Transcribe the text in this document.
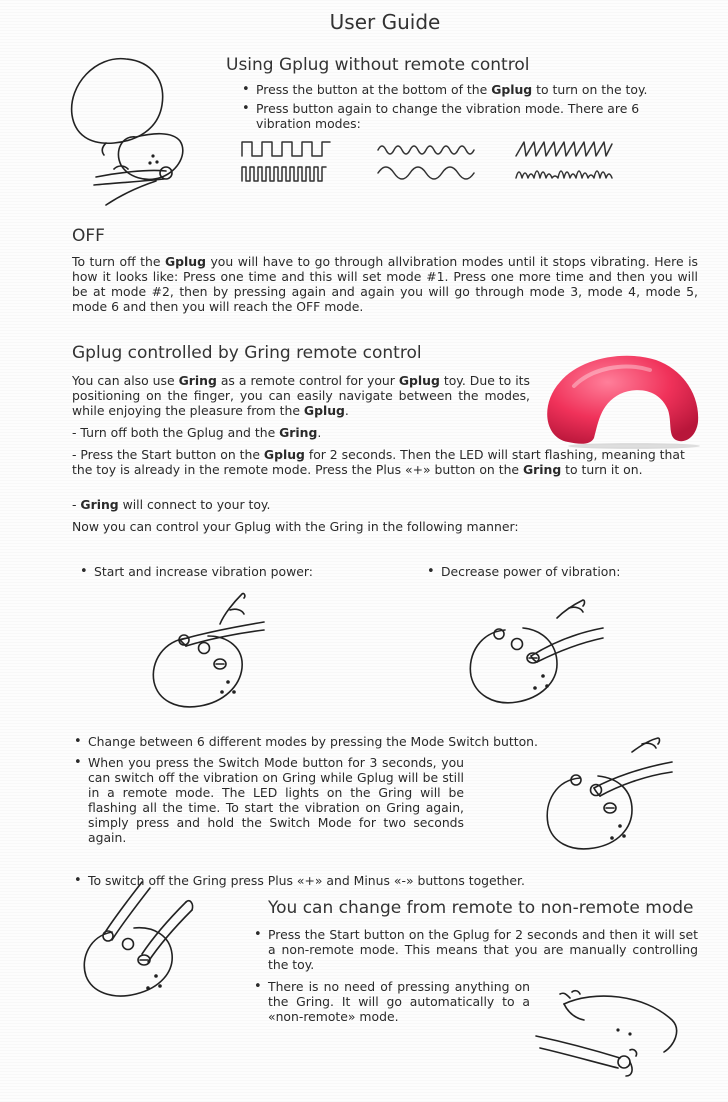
User Guide
Using Gplug without remote control
• Press the button at the bottom of the Gplug to turn on the toy.
• Press button again to change the vibration mode. There are 6 vibration modes:
OFF
To turn off the Gplug you will have to go through allvibration modes until it stops vibrating. Here is how it looks like: Press one time and this will set mode #1. Press one more time and then you will be at mode #2, then by pressing again and again you will go through mode 3, mode 4, mode 5, mode 6 and then you will reach the OFF mode.
Gplug controlled by Gring remote control
You can also use Gring as a remote control for your Gplug toy. Due to its positioning on the finger, you can easily navigate between the modes, while enjoying the pleasure from the Gplug.
- Turn off both the Gplug and the Gring.
- Press the Start button on the Gplug for 2 seconds. Then the LED will start flashing, meaning that the toy is already in the remote mode. Press the Plus «+» button on the Gring to turn it on.
- Gring will connect to your toy.
Now you can control your Gplug with the Gring in the following manner:
• Start and increase vibration power:
•	Decrease power of vibration:
• Change between 6 different modes by pressing the Mode Switch button.
• When you press the Switch Mode button for 3 seconds, you can switch off the vibration on Gring while Gplug will be still in a remote mode. The LED lights on the Gring will be flashing all the time. To start the vibration on Gring again, simply press and hold the Switch Mode for two seconds again.
• To switch off the Gring press Plus «+» and Minus «-» buttons together.
You can change from remote to non-remote mode
• Press the Start button on the Gplug for 2 seconds and then it will set a non-remote mode. This means that you are manually controlling the toy.
• There is no need of pressing anything on the Gring. It will go automatically to a «non-remote» mode.
